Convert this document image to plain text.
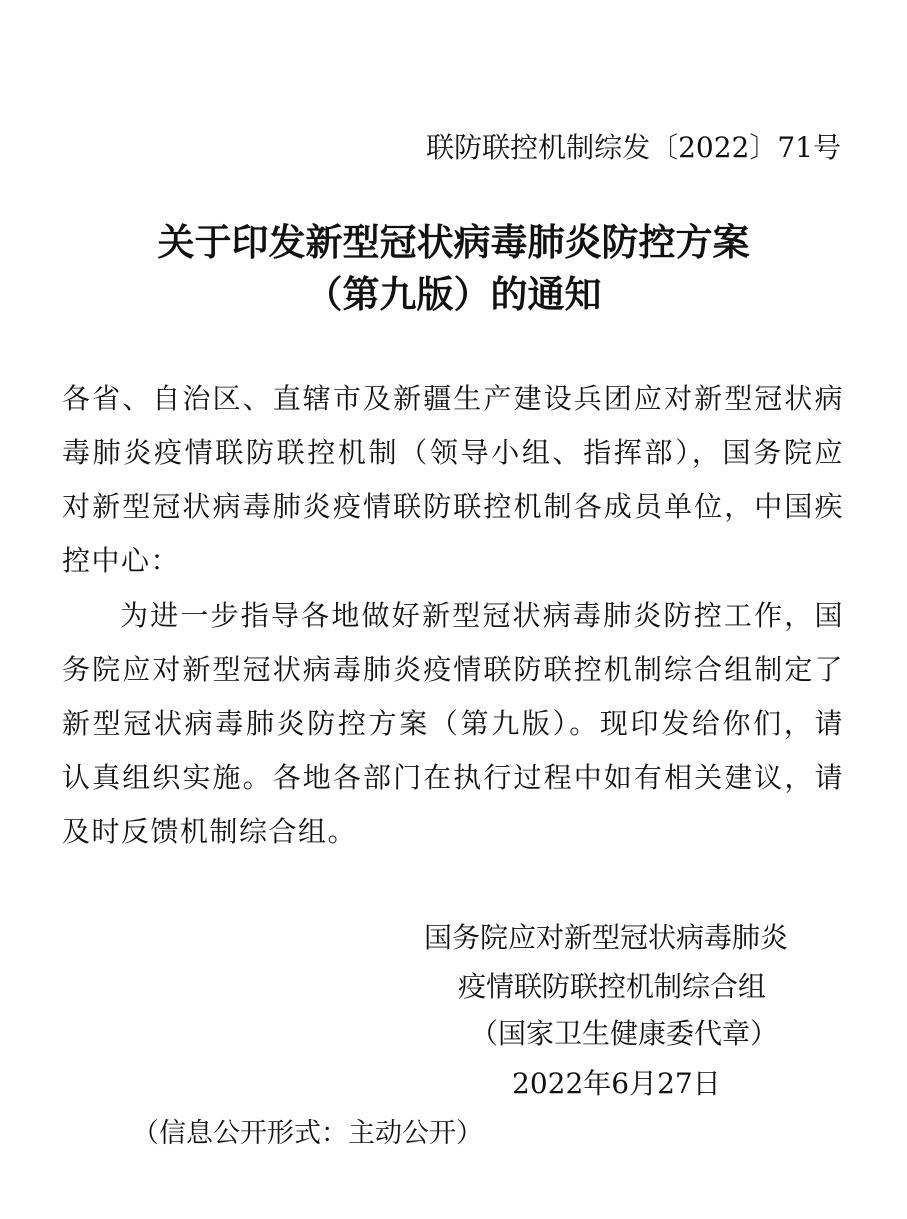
联防联控机制综发〔2022〕71号
关于印发新型冠状病毒肺炎防控方案
（第九版）的通知
各省、自治区、直辖市及新疆生产建设兵团应对新型冠状病毒肺炎疫情联防联控机制（领导小组、指挥部），国务院应对新型冠状病毒肺炎疫情联防联控机制各成员单位，中国疾控中心：
为进一步指导各地做好新型冠状病毒肺炎防控工作，国务院应对新型冠状病毒肺炎疫情联防联控机制综合组制定了新型冠状病毒肺炎防控方案（第九版）。现印发给你们，请认真组织实施。各地各部门在执行过程中如有相关建议，请及时反馈机制综合组。
国务院应对新型冠状病毒肺炎
疫情联防联控机制综合组
（国家卫生健康委代章）
2022年6月27日
（信息公开形式：主动公开）
